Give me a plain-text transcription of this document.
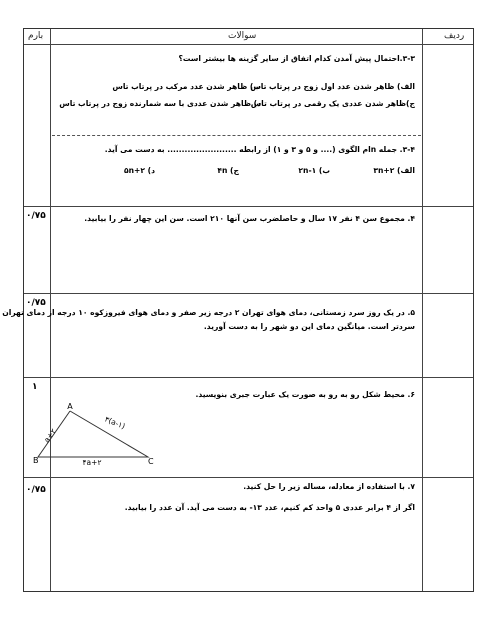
بارم	سوالات	ردیف
۳-۳.احتمال پیش آمدن کدام اتفاق از سایر گزینه ها بیشتر است؟
الف) ظاهر شدن عدد اول زوج در پرتاب تاس
ب) ظاهر شدن عدد مرکب در پرتاب تاس
ج)ظاهر شدن عددی یک رقمی در پرتاب تاس
د) ظاهر شدن عددی با سه شمارنده زوج در پرتاب تاس
۳-۴. جمله nام الگوی (.... و ۵ و ۳ و ۱) از رابطه ........................ به دست می آید.
الف) ۳n+۲
ب) ۲n-۱
ج) ۴n
د) ۵n+۲
۰/۷۵	۴. مجموع سن ۴ نفر ۱۷ سال و حاصلضرب سن آنها ۲۱۰ است. سن این چهار نفر را بیابید.
۰/۷۵
۵. در یک روز سرد زمستانی، دمای هوای تهران ۲ درجه زیر صفر و دمای هوای فیروزکوه ۱۰ درجه از دمای تهران
سردتر است. میانگین دمای این دو شهر را به دست آورید.
۱
۶. محیط شکل رو به رو به صورت یک عبارت جبری بنویسید.
۰/۷۵	۷. با استفاده از معادله، مساله زیر را حل کنید.
اگر از ۴ برابر عددی ۵ واحد کم کنیم، عدد ۱۳- به دست می آید. آن عدد را بیابید.
A
B	C
a+۲
۳(a-۱)
۴a+۲
